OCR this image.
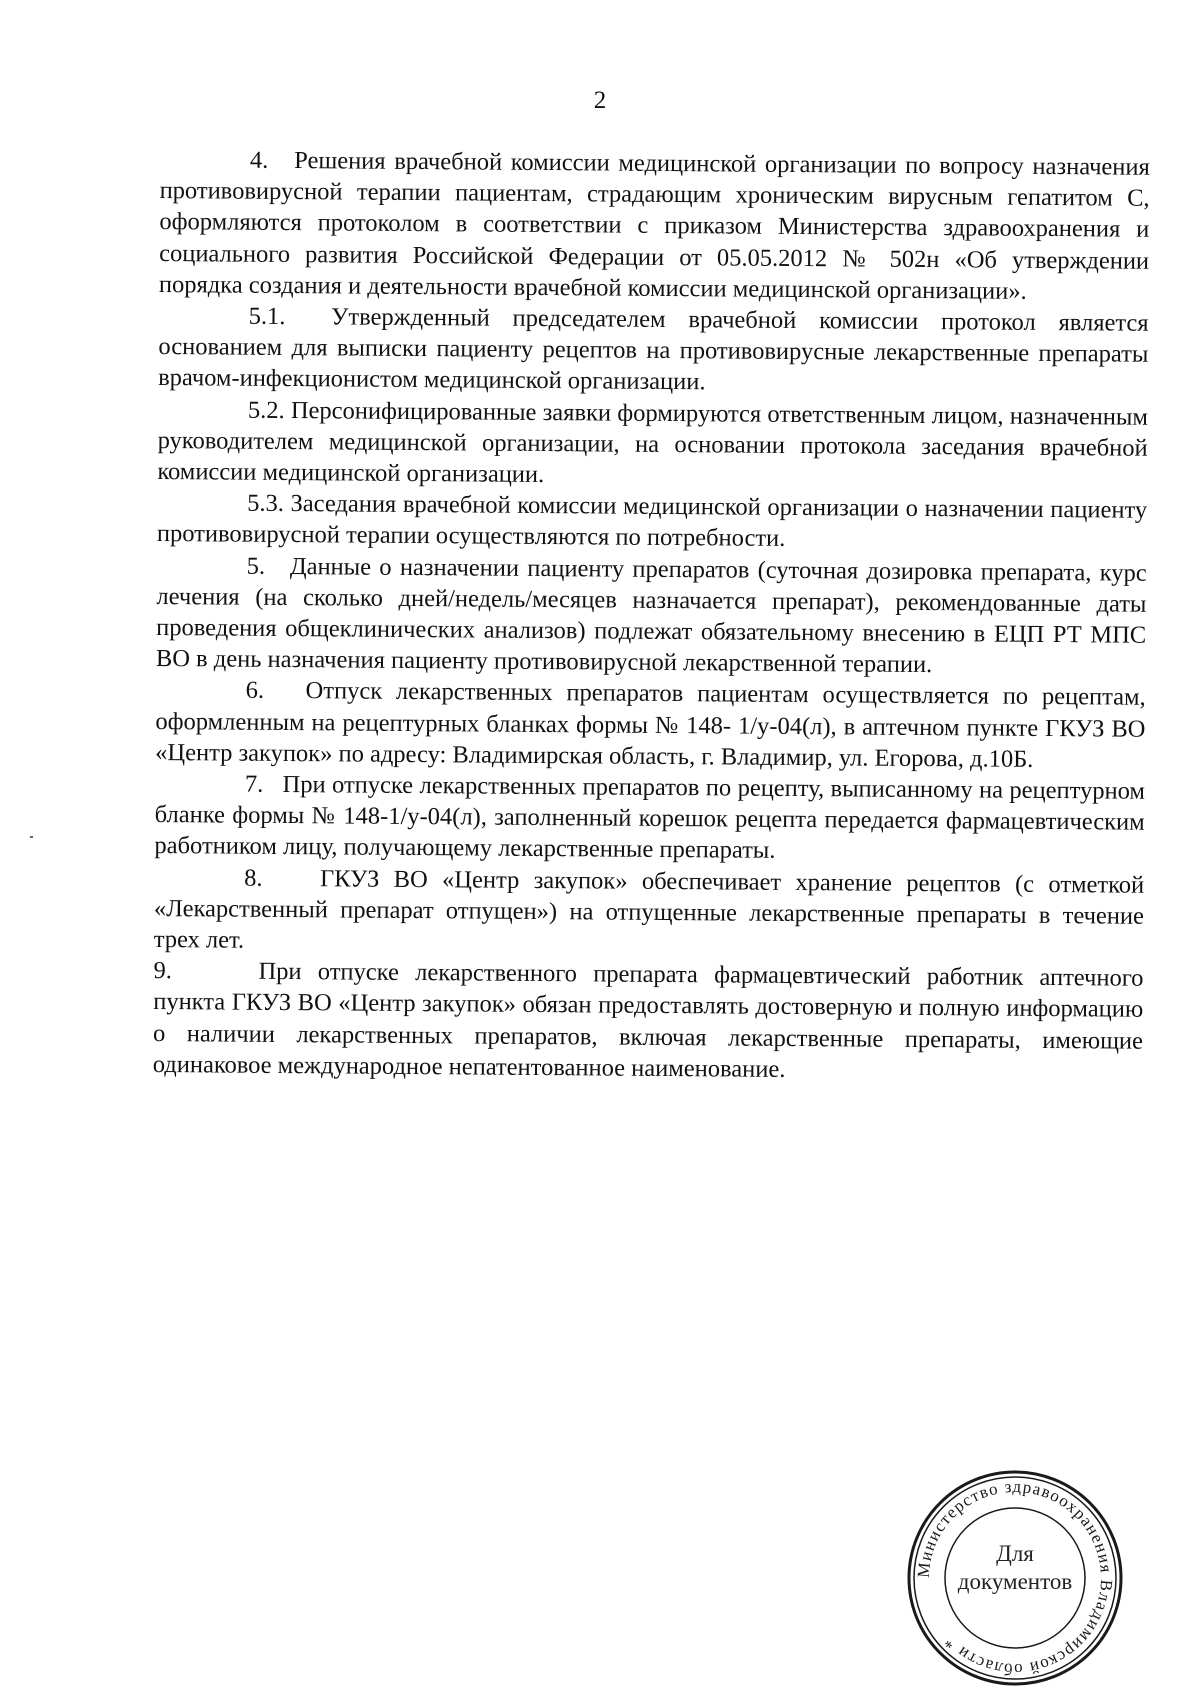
2

4. Решения врачебной комиссии медицинской организации по вопросу назначения противовирусной терапии пациентам, страдающим хроническим вирусным гепатитом С, оформляются протоколом в соответствии с приказом Министерства здравоохранения и социального развития Российской Федерации от 05.05.2012 № 502н «Об утверждении порядка создания и деятельности врачебной комиссии медицинской организации».

5.1. Утвержденный председателем врачебной комиссии протокол является основанием для выписки пациенту рецептов на противовирусные лекарственные препараты врачом-инфекционистом медицинской организации.

5.2. Персонифицированные заявки формируются ответственным лицом, назначенным руководителем медицинской организации, на основании протокола заседания врачебной комиссии медицинской организации.

5.3. Заседания врачебной комиссии медицинской организации о назначении пациенту противовирусной терапии осуществляются по потребности.

5. Данные о назначении пациенту препаратов (суточная дозировка препарата, курс лечения (на сколько дней/недель/месяцев назначается препарат), рекомендованные даты проведения общеклинических анализов) подлежат обязательному внесению в ЕЦП РТ МПС ВО в день назначения пациенту противовирусной лекарственной терапии.

6. Отпуск лекарственных препаратов пациентам осуществляется по рецептам, оформленным на рецептурных бланках формы № 148- 1/у-04(л), в аптечном пункте ГКУЗ ВО «Центр закупок» по адресу: Владимирская область, г. Владимир, ул. Егорова, д.10Б.

7. При отпуске лекарственных препаратов по рецепту, выписанному на рецептурном бланке формы № 148-1/у-04(л), заполненный корешок рецепта передается фармацевтическим работником лицу, получающему лекарственные препараты.

8. ГКУЗ ВО «Центр закупок» обеспечивает хранение рецептов (с отметкой «Лекарственный препарат отпущен») на отпущенные лекарственные препараты в течение трех лет.

9.	При отпуске лекарственного препарата фармацевтический работник аптечного пункта ГКУЗ ВО «Центр закупок» обязан предоставлять достоверную и полную информацию о наличии лекарственных препаратов, включая лекарственные препараты, имеющие одинаковое международное непатентованное наименование.

Министерство здравоохранения Владимирской области *
Для
документов
